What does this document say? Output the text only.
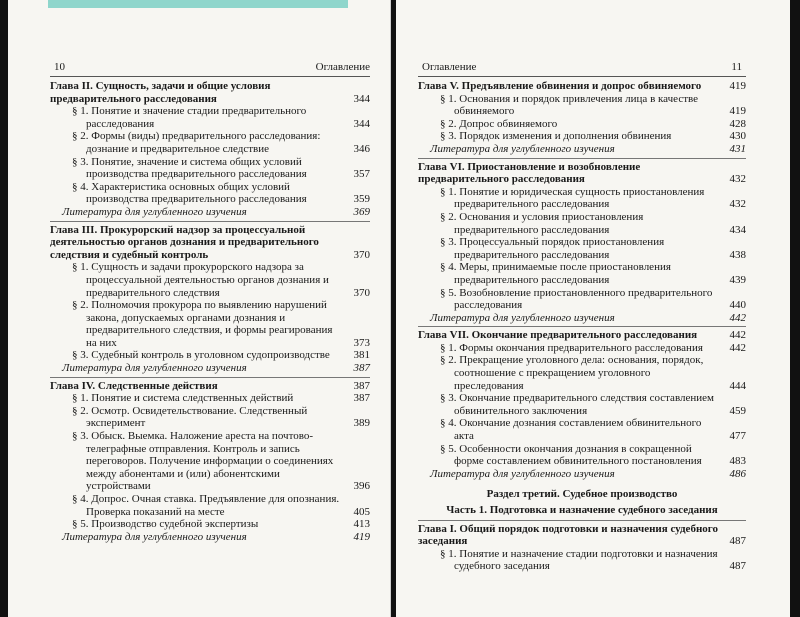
10	Оглавление
Глава II. Сущность, задачи и общие условия предварительного расследования	344
§ 1. Понятие и значение стадии предварительного расследования	344
§ 2. Формы (виды) предварительного расследования: дознание и предварительное следствие	346
§ 3. Понятие, значение и система общих условий производства предварительного расследования	357
§ 4. Характеристика основных общих условий производства предварительного расследования	359
Литература для углубленного изучения	369
Глава III. Прокурорский надзор за процессуальной деятельностью органов дознания и предварительного следствия и судебный контроль	370
§ 1. Сущность и задачи прокурорского надзора за процессуальной деятельностью органов дознания и предварительного следствия	370
§ 2. Полномочия прокурора по выявлению нарушений закона, допускаемых органами дознания и предварительного следствия, и формы реагирования на них	373
§ 3. Судебный контроль в уголовном судопроизводстве	381
Литература для углубленного изучения	387
Глава IV. Следственные действия	387
§ 1. Понятие и система следственных действий	387
§ 2. Осмотр. Освидетельствование. Следственный эксперимент	389
§ 3. Обыск. Выемка. Наложение ареста на почтово-телеграфные отправления. Контроль и запись переговоров. Получение информации о соединениях между абонентами и (или) абонентскими устройствами	396
§ 4. Допрос. Очная ставка. Предъявление для опознания. Проверка показаний на месте	405
§ 5. Производство судебной экспертизы	413
Литература для углубленного изучения	419
Оглавление	11
Глава V. Предъявление обвинения и допрос обвиняемого	419
§ 1. Основания и порядок привлечения лица в качестве обвиняемого	419
§ 2. Допрос обвиняемого	428
§ 3. Порядок изменения и дополнения обвинения	430
Литература для углубленного изучения	431
Глава VI. Приостановление и возобновление предварительного расследования	432
§ 1. Понятие и юридическая сущность приостановления предварительного расследования	432
§ 2. Основания и условия приостановления предварительного расследования	434
§ 3. Процессуальный порядок приостановления предварительного расследования	438
§ 4. Меры, принимаемые после приостановления предварительного расследования	439
§ 5. Возобновление приостановленного предварительного расследования	440
Литература для углубленного изучения	442
Глава VII. Окончание предварительного расследования	442
§ 1. Формы окончания предварительного расследования	442
§ 2. Прекращение уголовного дела: основания, порядок, соотношение с прекращением уголовного преследования	444
§ 3. Окончание предварительного следствия составлением обвинительного заключения	459
§ 4. Окончание дознания составлением обвинительного акта	477
§ 5. Особенности окончания дознания в сокращенной форме составлением обвинительного постановления	483
Литература для углубленного изучения	486
Раздел третий. Судебное производство
Часть 1. Подготовка и назначение судебного заседания
Глава I. Общий порядок подготовки и назначения судебного заседания	487
§ 1. Понятие и назначение стадии подготовки и назначения судебного заседания	487
